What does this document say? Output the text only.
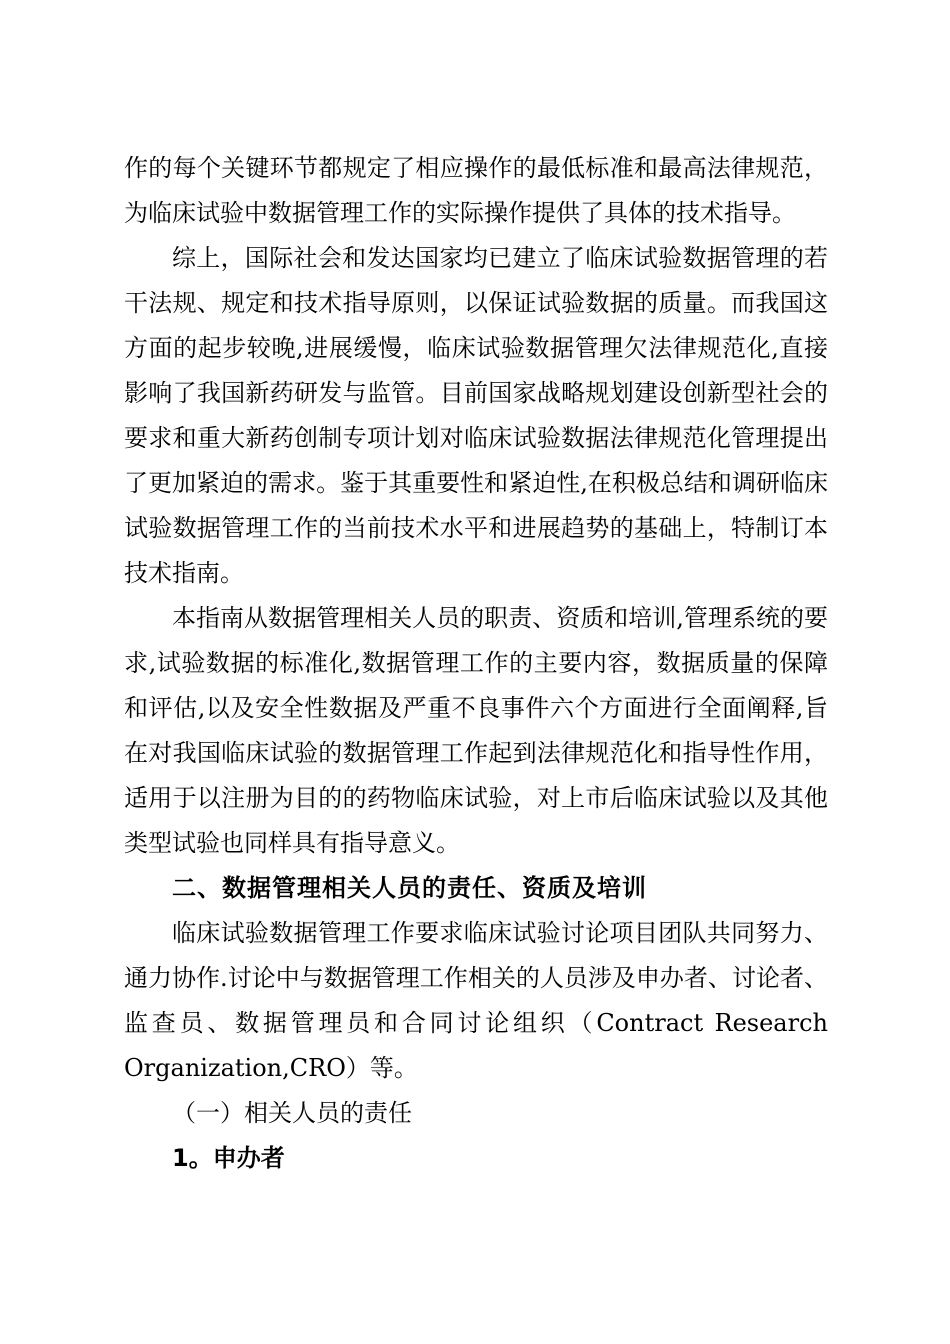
作的每个关键环节都规定了相应操作的最低标准和最高法律规范，为临床试验中数据管理工作的实际操作提供了具体的技术指导。

综上，国际社会和发达国家均已建立了临床试验数据管理的若干法规、规定和技术指导原则，以保证试验数据的质量。而我国这方面的起步较晚,进展缓慢，临床试验数据管理欠法律规范化,直接影响了我国新药研发与监管。目前国家战略规划建设创新型社会的要求和重大新药创制专项计划对临床试验数据法律规范化管理提出了更加紧迫的需求。鉴于其重要性和紧迫性,在积极总结和调研临床试验数据管理工作的当前技术水平和进展趋势的基础上，特制订本技术指南。

本指南从数据管理相关人员的职责、资质和培训,管理系统的要求,试验数据的标准化,数据管理工作的主要内容，数据质量的保障和评估,以及安全性数据及严重不良事件六个方面进行全面阐释,旨在对我国临床试验的数据管理工作起到法律规范化和指导性作用，适用于以注册为目的的药物临床试验，对上市后临床试验以及其他类型试验也同样具有指导意义。

二、数据管理相关人员的责任、资质及培训

临床试验数据管理工作要求临床试验讨论项目团队共同努力、通力协作.讨论中与数据管理工作相关的人员涉及申办者、讨论者、监查员、数据管理员和合同讨论组织（Contract Research Organization,CRO）等。

（一）相关人员的责任

1。申办者
